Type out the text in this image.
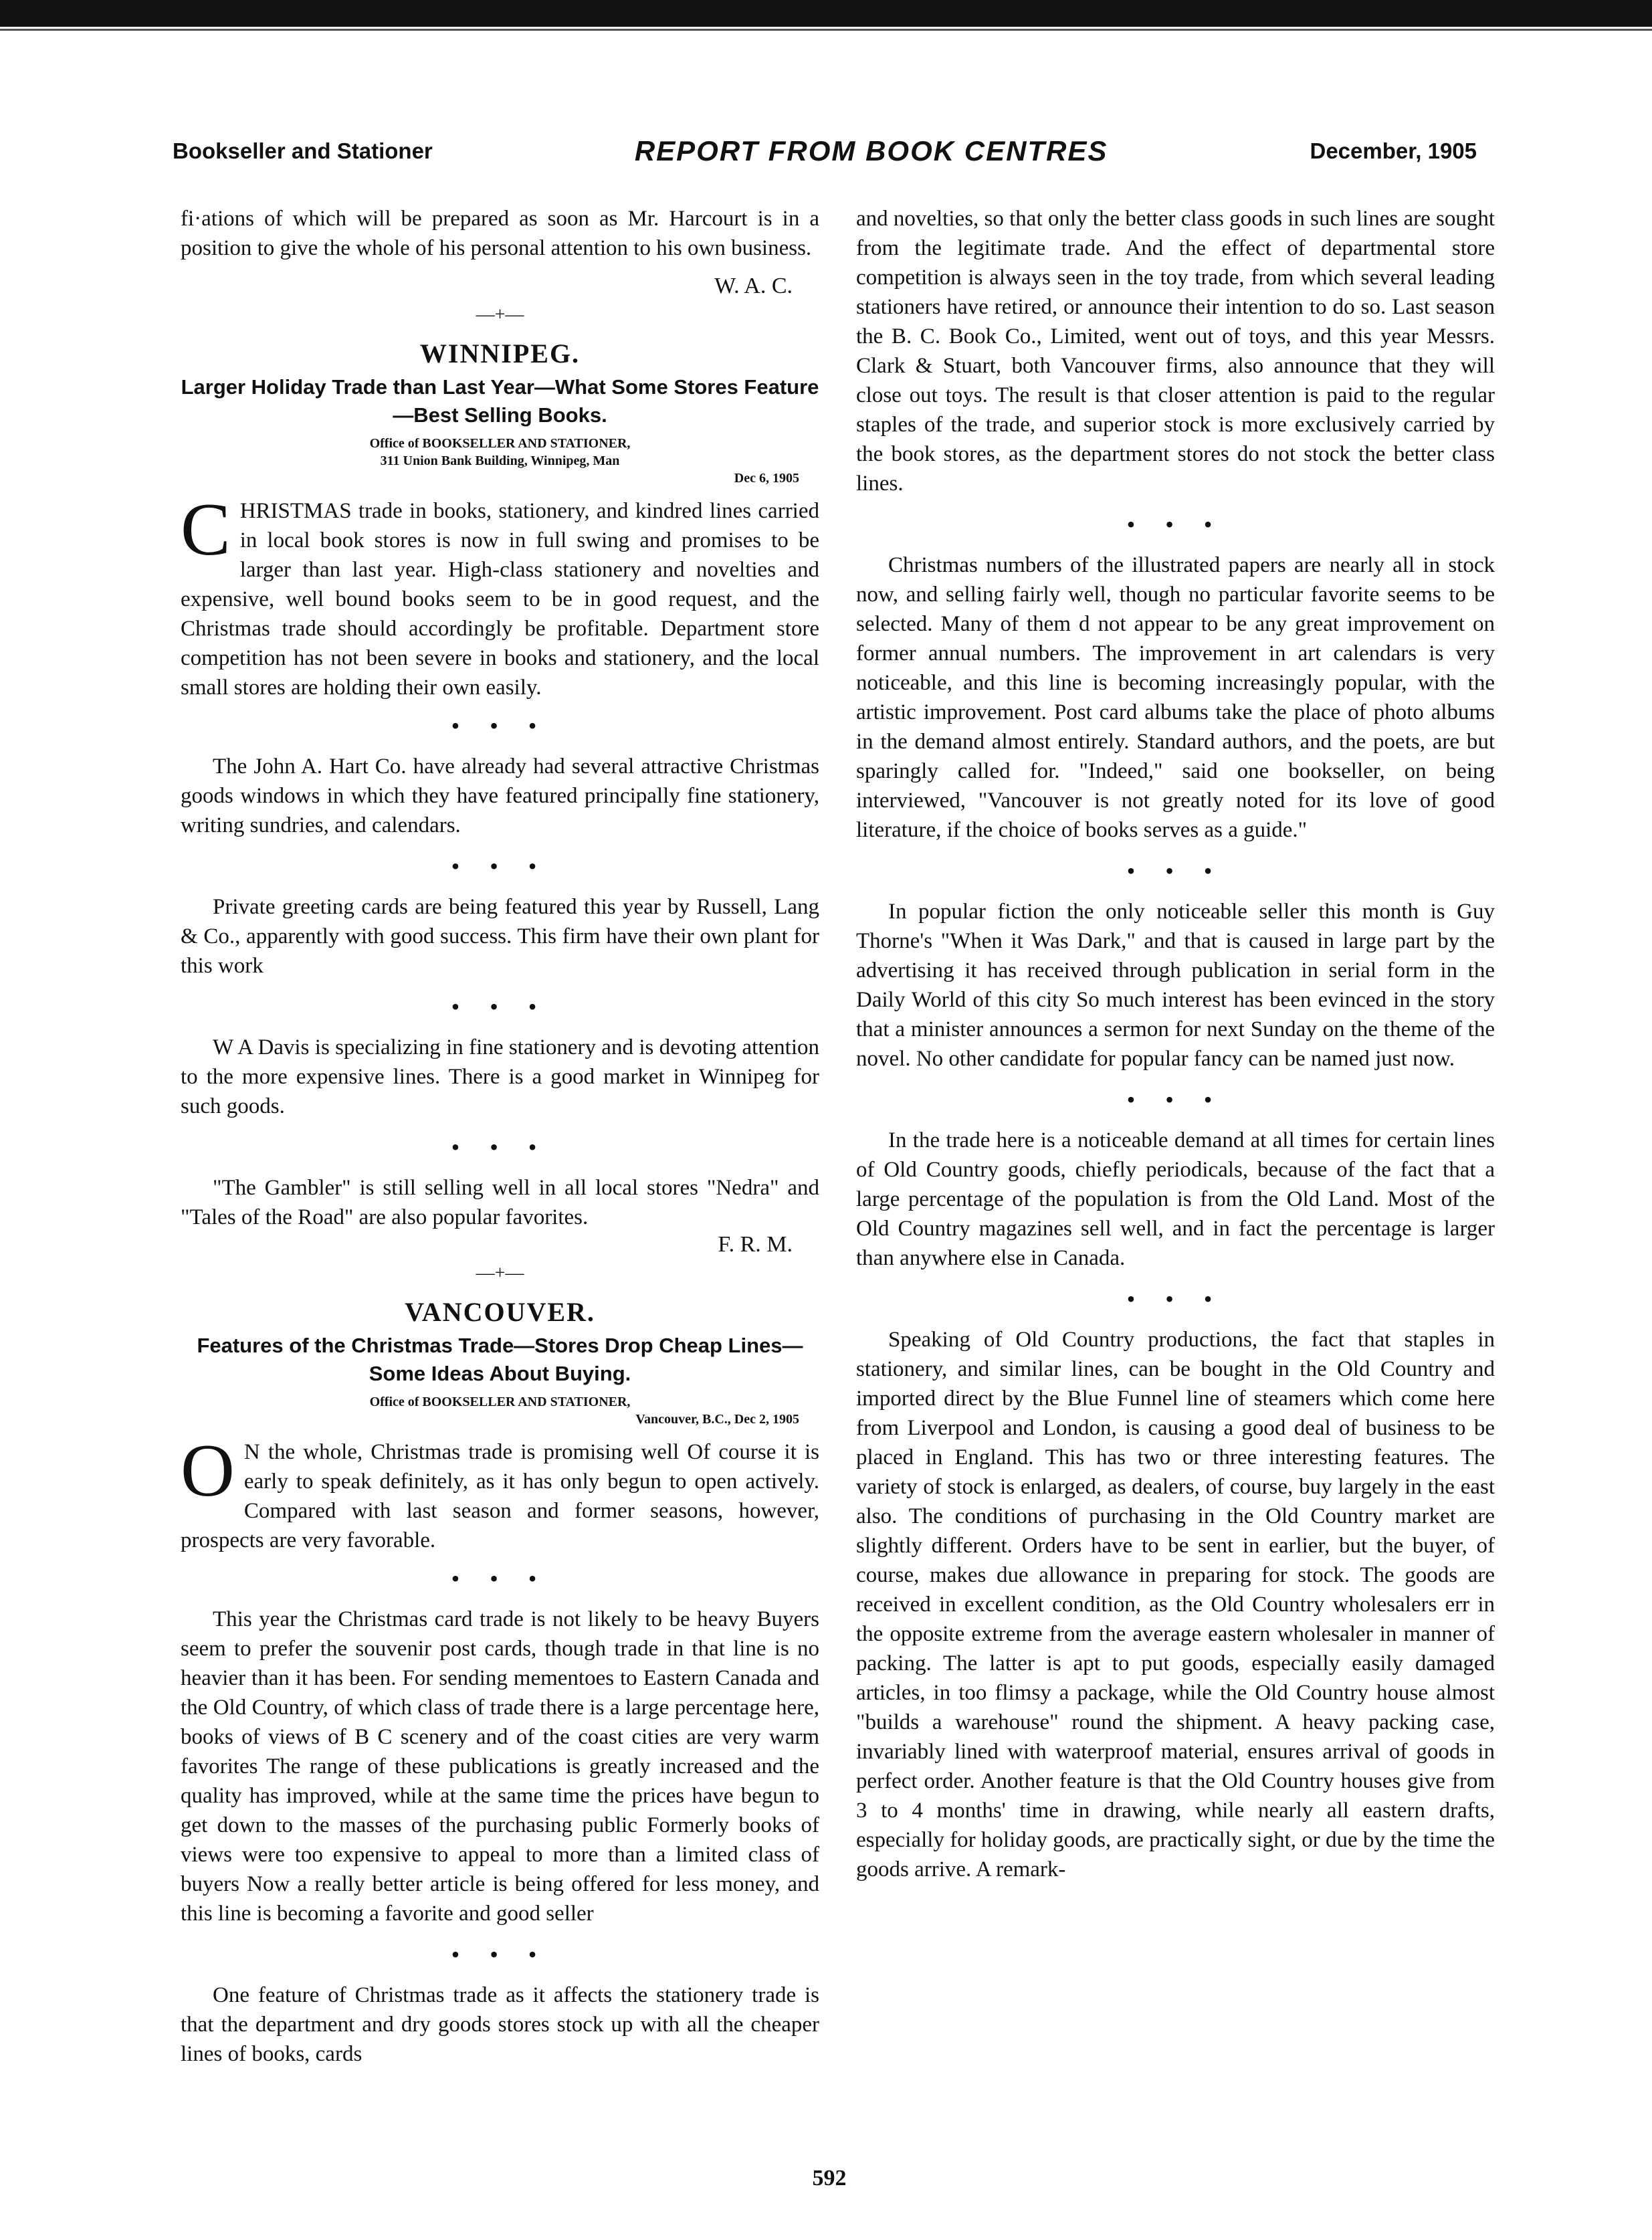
Bookseller and Stationer	REPORT FROM BOOK CENTRES	December, 1905

fi·ations of which will be prepared as soon as Mr. Harcourt is in a position to give the whole of his personal attention to his own business.

W. A. C.
—+—
WINNIPEG.
Larger Holiday Trade than Last Year—What Some Stores Feature—Best Selling Books.

Office of BOOKSELLER AND STATIONER,

311 Union Bank Building, Winnipeg, Man

Dec 6, 1905

CHRISTMAS trade in books, stationery, and kindred lines carried in local book stores is now in full swing and promises to be larger than last year. High-class stationery and novelties and expensive, well bound books seem to be in good request, and the Christmas trade should accordingly be profitable. Department store competition has not been severe in books and stationery, and the local small stores are holding their own easily.

• • •

The John A. Hart Co. have already had several attractive Christmas goods windows in which they have featured principally fine stationery, writing sundries, and calendars.

• • •

Private greeting cards are being featured this year by Russell, Lang & Co., apparently with good success. This firm have their own plant for this work

• • •

W A Davis is specializing in fine stationery and is devoting attention to the more expensive lines. There is a good market in Winnipeg for such goods.

• • •

"The Gambler" is still selling well in all local stores "Nedra" and "Tales of the Road" are also popular favorites.

F. R. M.
—+—
VANCOUVER.
Features of the Christmas Trade—Stores Drop Cheap Lines—Some Ideas About Buying.

Office of BOOKSELLER AND STATIONER,

Vancouver, B.C., Dec 2, 1905

O N the whole, Christmas trade is promising well Of course it is early to speak definitely, as it has only begun to open actively. Compared with last season and former seasons, however, prospects are very favorable.

• • •

This year the Christmas card trade is not likely to be heavy Buyers seem to prefer the souvenir post cards, though trade in that line is no heavier than it has been. For sending mementoes to Eastern Canada and the Old Country, of which class of trade there is a large percentage here, books of views of B C scenery and of the coast cities are very warm favorites The range of these publications is greatly increased and the quality has improved, while at the same time the prices have begun to get down to the masses of the purchasing public Formerly books of views were too expensive to appeal to more than a limited class of buyers Now a really better article is being offered for less money, and this line is becoming a favorite and good seller

• • •

One feature of Christmas trade as it affects the stationery trade is that the department and dry goods stores stock up with all the cheaper lines of books, cards

and novelties, so that only the better class goods in such lines are sought from the legitimate trade. And the effect of departmental store competition is always seen in the toy trade, from which several leading stationers have retired, or announce their intention to do so. Last season the B. C. Book Co., Limited, went out of toys, and this year Messrs. Clark & Stuart, both Vancouver firms, also announce that they will close out toys. The result is that closer attention is paid to the regular staples of the trade, and superior stock is more exclusively carried by the book stores, as the department stores do not stock the better class lines.

• • •

Christmas numbers of the illustrated papers are nearly all in stock now, and selling fairly well, though no particular favorite seems to be selected. Many of them d not appear to be any great improvement on former annual numbers. The improvement in art calendars is very noticeable, and this line is becoming increasingly popular, with the artistic improvement. Post card albums take the place of photo albums in the demand almost entirely. Standard authors, and the poets, are but sparingly called for. "Indeed," said one bookseller, on being interviewed, "Vancouver is not greatly noted for its love of good literature, if the choice of books serves as a guide."

• • •

In popular fiction the only noticeable seller this month is Guy Thorne's "When it Was Dark," and that is caused in large part by the advertising it has received through publication in serial form in the Daily World of this city So much interest has been evinced in the story that a minister announces a sermon for next Sunday on the theme of the novel. No other candidate for popular fancy can be named just now.

• • •

In the trade here is a noticeable demand at all times for certain lines of Old Country goods, chiefly periodicals, because of the fact that a large percentage of the population is from the Old Land. Most of the Old Country magazines sell well, and in fact the percentage is larger than anywhere else in Canada.

• • •

Speaking of Old Country productions, the fact that staples in stationery, and similar lines, can be bought in the Old Country and imported direct by the Blue Funnel line of steamers which come here from Liverpool and London, is causing a good deal of business to be placed in England. This has two or three interesting features. The variety of stock is enlarged, as dealers, of course, buy largely in the east also. The conditions of purchasing in the Old Country market are slightly different. Orders have to be sent in earlier, but the buyer, of course, makes due allowance in preparing for stock. The goods are received in excellent condition, as the Old Country wholesalers err in the opposite extreme from the average eastern wholesaler in manner of packing. The latter is apt to put goods, especially easily damaged articles, in too flimsy a package, while the Old Country house almost "builds a warehouse" round the shipment. A heavy packing case, invariably lined with waterproof material, ensures arrival of goods in perfect order. Another feature is that the Old Country houses give from 3 to 4 months' time in drawing, while nearly all eastern drafts, especially for holiday goods, are practically sight, or due by the time the goods arrive. A remark-

592
